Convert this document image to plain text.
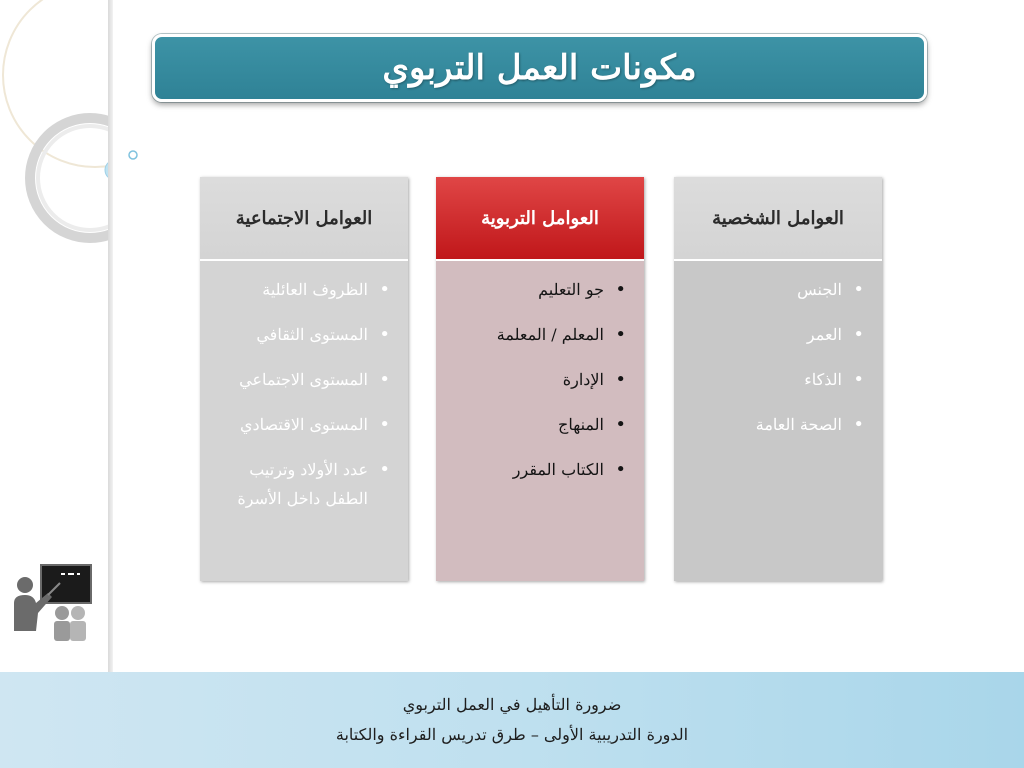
مكونات العمل التربوي
العوامل الاجتماعية
• الظروف العائلية
• المستوى الثقافي
• المستوى الاجتماعي
• المستوى الاقتصادي
• عدد الأولاد وترتيب الطفل داخل الأسرة
العوامل التربوية
• جو التعليم
• المعلم / المعلمة
• الإدارة
• المنهاج
• الكتاب المقرر
العوامل الشخصية
• الجنس
• العمر
• الذكاء
• الصحة العامة
ضرورة التأهيل في العمل التربوي
الدورة التدريبية الأولى – طرق تدريس القراءة والكتابة
